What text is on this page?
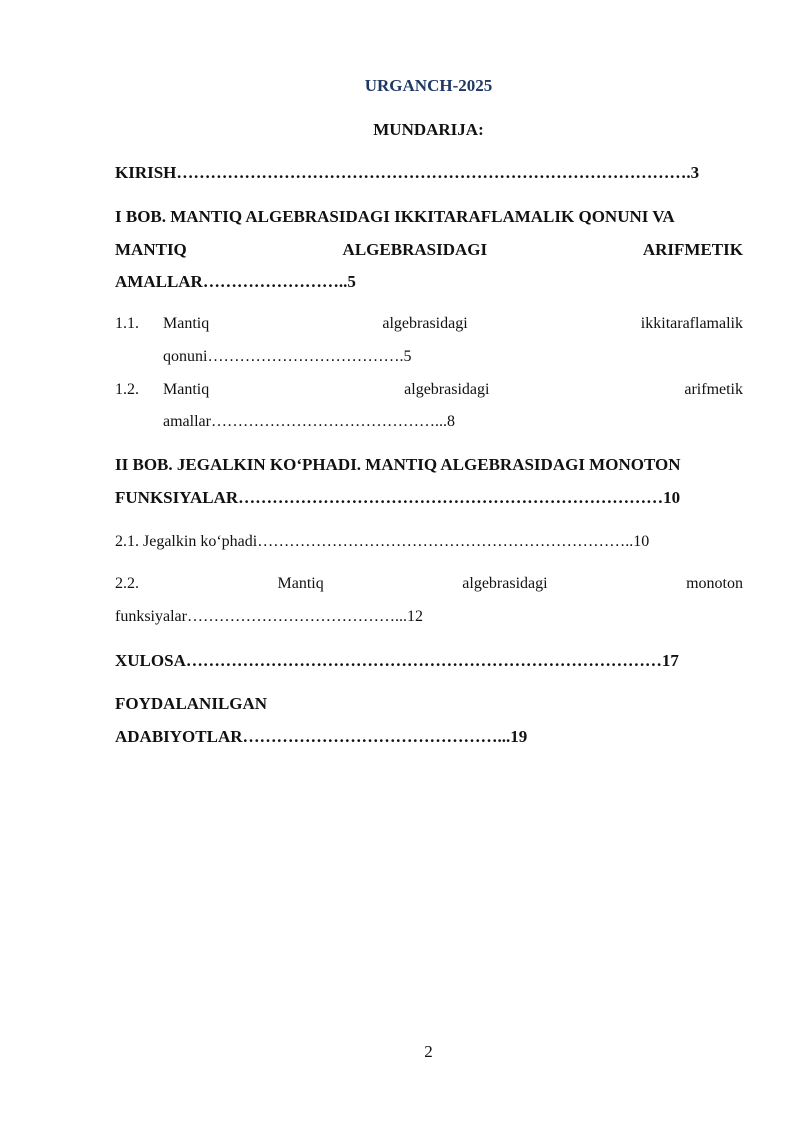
URGANCH-2025
MUNDARIJA:
KIRISH……………………………………………………………………………….3
I BOB. MANTIQ ALGEBRASIDAGI IKKITARAFLAMALIK QONUNI VA
MANTIQ	ALGEBRASIDAGI	ARIFMETIK
AMALLAR……………………..5
1.1. Mantiq	algebrasidagi	ikkitaraflamalik
qonuni……………………………….5
1.2. Mantiq	algebrasidagi	arifmetik
amallar……………………………………...8
II BOB. JEGALKIN KOʻPHADI. MANTIQ ALGEBRASIDAGI MONOTON
FUNKSIYALAR…………………………………………………………………10
2.1. Jegalkin koʻphadi……………………………………………………………..10
2.2.	Mantiq	algebrasidagi	monoton
funksiyalar…………………………………...12
XULOSA…………………………………………………………………………17
FOYDALANILGAN
ADABIYOTLAR………………………………………...19
2
